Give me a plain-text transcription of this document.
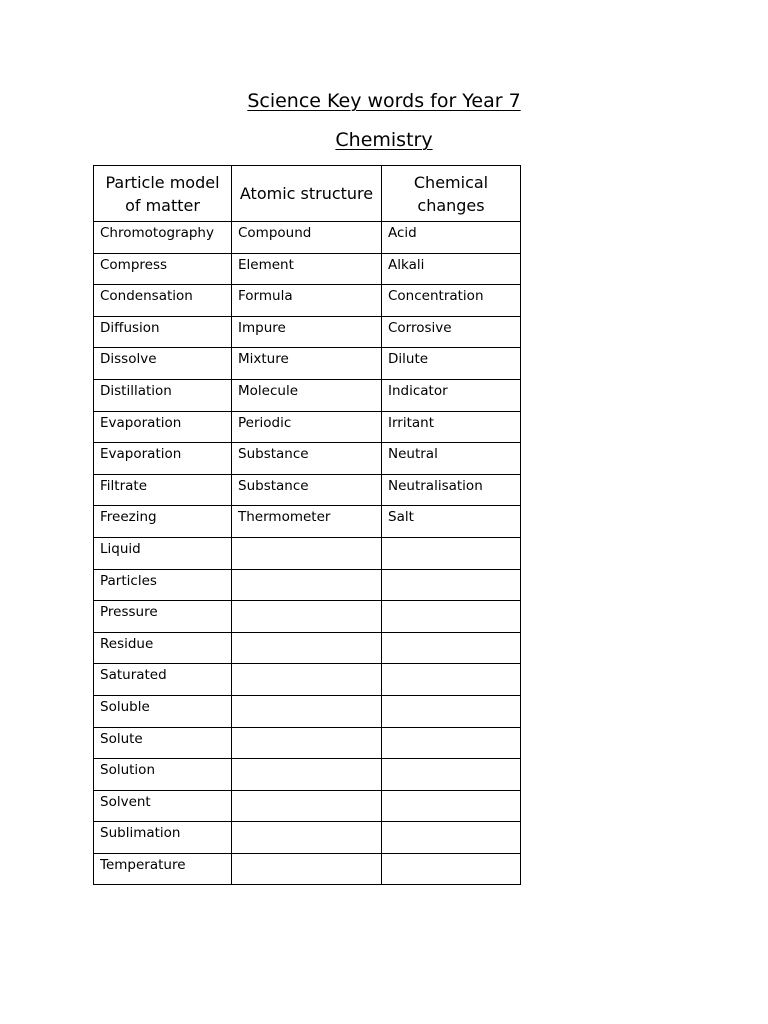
Science Key words for Year 7
Chemistry
Particle model of matter	Atomic structure	Chemical changes
Chromotography	Compound	Acid
Compress	Element	Alkali
Condensation	Formula	Concentration
Diffusion	Impure	Corrosive
Dissolve	Mixture	Dilute
Distillation	Molecule	Indicator
Evaporation	Periodic	Irritant
Evaporation	Substance	Neutral
Filtrate	Substance	Neutralisation
Freezing	Thermometer	Salt
Liquid		
Particles		
Pressure		
Residue		
Saturated		
Soluble		
Solute		
Solution		
Solvent		
Sublimation		
Temperature		
